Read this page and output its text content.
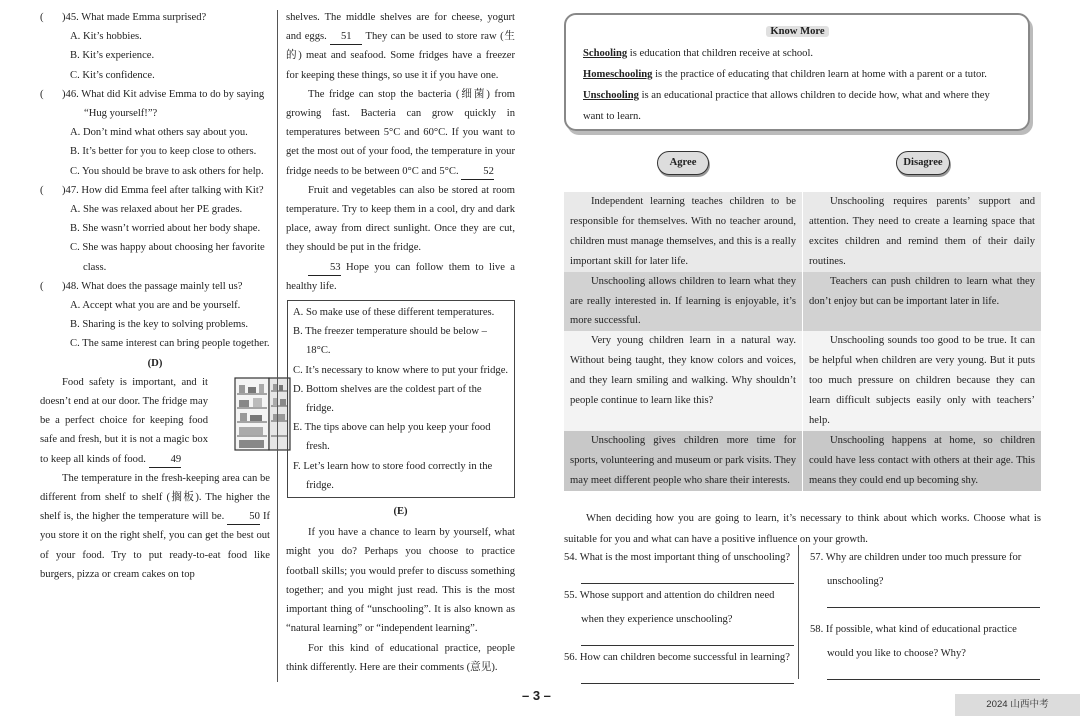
( )45. What made Emma surprised?
A. Kit’s hobbies.
B. Kit’s experience.
C. Kit’s confidence.
( )46. What did Kit advise Emma to do by saying “Hug yourself!”?
A. Don’t mind what others say about you.
B. It’s better for you to keep close to others.
C. You should be brave to ask others for help.
( )47. How did Emma feel after talking with Kit?
A. She was relaxed about her PE grades.
B. She wasn’t worried about her body shape.
C. She was happy about choosing her favorite class.
( )48. What does the passage mainly tell us?
A. Accept what you are and be yourself.
B. Sharing is the key to solving problems.
C. The same interest can bring people together.
(D)
Food safety is important, and it doesn’t end at our door. The fridge may be a perfect choice for keeping food safe and fresh, but it is not a magic box to keep all kinds of food. 49
The temperature in the fresh-keeping area can be different from shelf to shelf (搁板). The higher the shelf is, the higher the temperature will be. 50 If you store it on the right shelf, you can get the best out of your food. Try to put ready-to-eat food like burgers, pizza or cream cakes on top
shelves. The middle shelves are for cheese, yogurt and eggs. 51 They can be used to store raw (生的) meat and seafood. Some fridges have a freezer for keeping these things, so use it if you have one.
The fridge can stop the bacteria (细菌) from growing fast. Bacteria can grow quickly in temperatures between 5°C and 60°C. If you want to get the most out of your food, the temperature in your fridge needs to be between 0°C and 5°C. 52
Fruit and vegetables can also be stored at room temperature. Try to keep them in a cool, dry and dark place, away from direct sunlight. Once they are cut, they should be put in the fridge.
53 Hope you can follow them to live a healthy life.
A. So make use of these different temperatures.
B. The freezer temperature should be below –18°C.
C. It’s necessary to know where to put your fridge.
D. Bottom shelves are the coldest part of the fridge.
E. The tips above can help you keep your food fresh.
F. Let’s learn how to store food correctly in the fridge.
(E)
If you have a chance to learn by yourself, what might you do? Perhaps you choose to practice football skills; you would prefer to discuss something together; and you might just read. This is the most important thing of “unschooling”. It is also known as “natural learning” or “independent learning”.
For this kind of educational practice, people think differently. Here are their comments (意见).
Know More

Schooling is education that children receive at school.

Homeschooling is the practice of educating that children learn at home with a parent or a tutor.

Unschooling is an educational practice that allows children to decide how, what and where they want to learn.

Agree	Disagree
Independent learning teaches children to be responsible for themselves. With no teacher around, children must manage themselves, and this is a really important skill for later life.
Unschooling requires parents’ support and attention. They need to create a learning space that excites children and remind them of their daily routines.
Unschooling allows children to learn what they are really interested in. If learning is enjoyable, it’s more successful.
Teachers can push children to learn what they don’t enjoy but can be important later in life.
Very young children learn in a natural way. Without being taught, they know colors and voices, and they learn smiling and walking. Why shouldn’t people continue to learn like this?
Unschooling sounds too good to be true. It can be helpful when children are very young. But it puts too much pressure on children because they can learn difficult subjects easily only with teachers’ help.
Unschooling gives children more time for sports, volunteering and museum or park visits. They may meet different people who share their interests.
Unschooling happens at home, so children could have less contact with others at their age. This means they could end up becoming shy.
When deciding how you are going to learn, it’s necessary to think about which works. Choose what is suitable for you and what can have a positive influence on your growth.
54. What is the most important thing of unschooling?
55. Whose support and attention do children need when they experience unschooling?
56. How can children become successful in learning?
57. Why are children under too much pressure for unschooling?
58. If possible, what kind of educational practice would you like to choose? Why?
– 3 –
2024 山西中考
